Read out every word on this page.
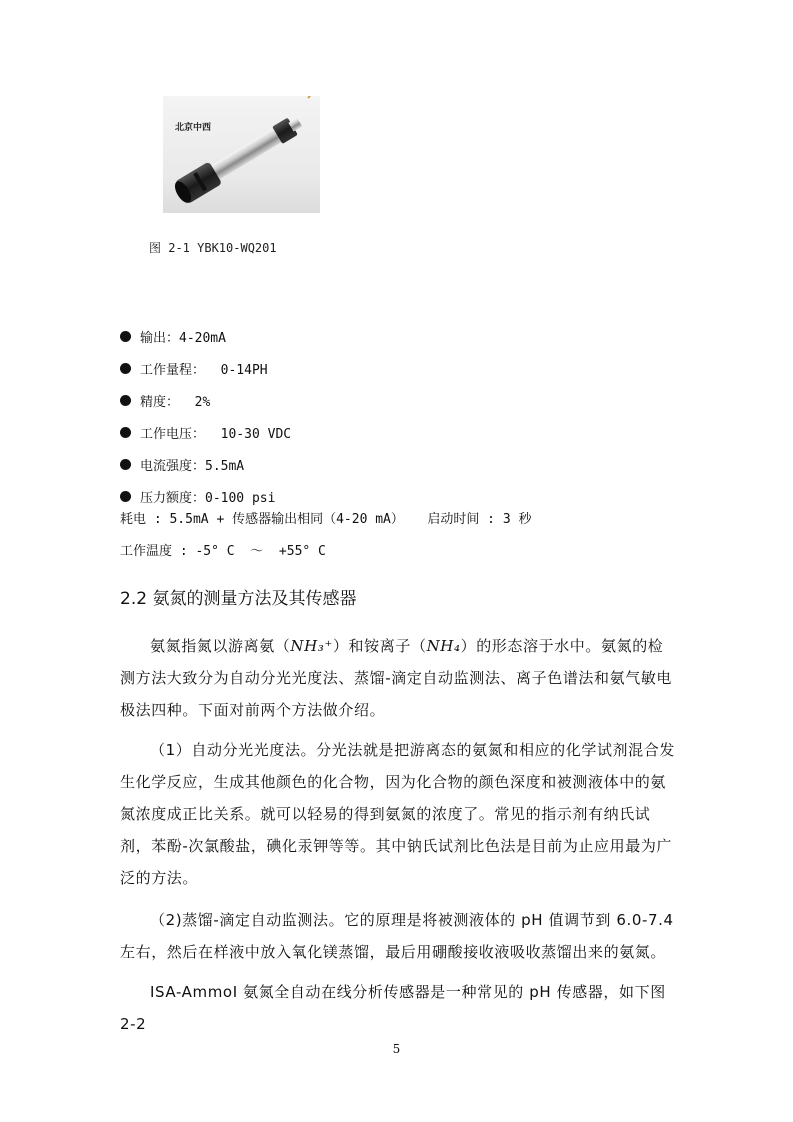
北京中西
图 2-1 YBK10-WQ201
输出：4-20mA
工作量程：  0-14PH
精度：  2%
工作电压：  10-30 VDC
电流强度：5.5mA
压力额度：0-100 psi
耗电 : 5.5mA + 传感器输出相同（4-20 mA）   启动时间 : 3 秒
工作温度 : -5° C  ～  +55° C
2.2 氨氮的测量方法及其传感器

氨氮指氮以游离氨（NH₃⁺）和铵离子（NH₄）的形态溶于水中。氨氮的检测方法大致分为自动分光光度法、蒸馏-滴定自动监测法、离子色谱法和氨气敏电极法四种。下面对前两个方法做介绍。

（1）自动分光光度法。分光法就是把游离态的氨氮和相应的化学试剂混合发生化学反应，生成其他颜色的化合物，因为化合物的颜色深度和被测液体中的氨氮浓度成正比关系。就可以轻易的得到氨氮的浓度了。常见的指示剂有纳氏试剂，苯酚-次氯酸盐，碘化汞钾等等。其中钠氏试剂比色法是目前为止应用最为广泛的方法。

（2)蒸馏-滴定自动监测法。它的原理是将被测液体的 pH 值调节到 6.0-7.4 左右，然后在样液中放入氧化镁蒸馏，最后用硼酸接收液吸收蒸馏出来的氨氮。

ISA-AmmoI 氨氮全自动在线分析传感器是一种常见的 pH 传感器，如下图 2-2

5
